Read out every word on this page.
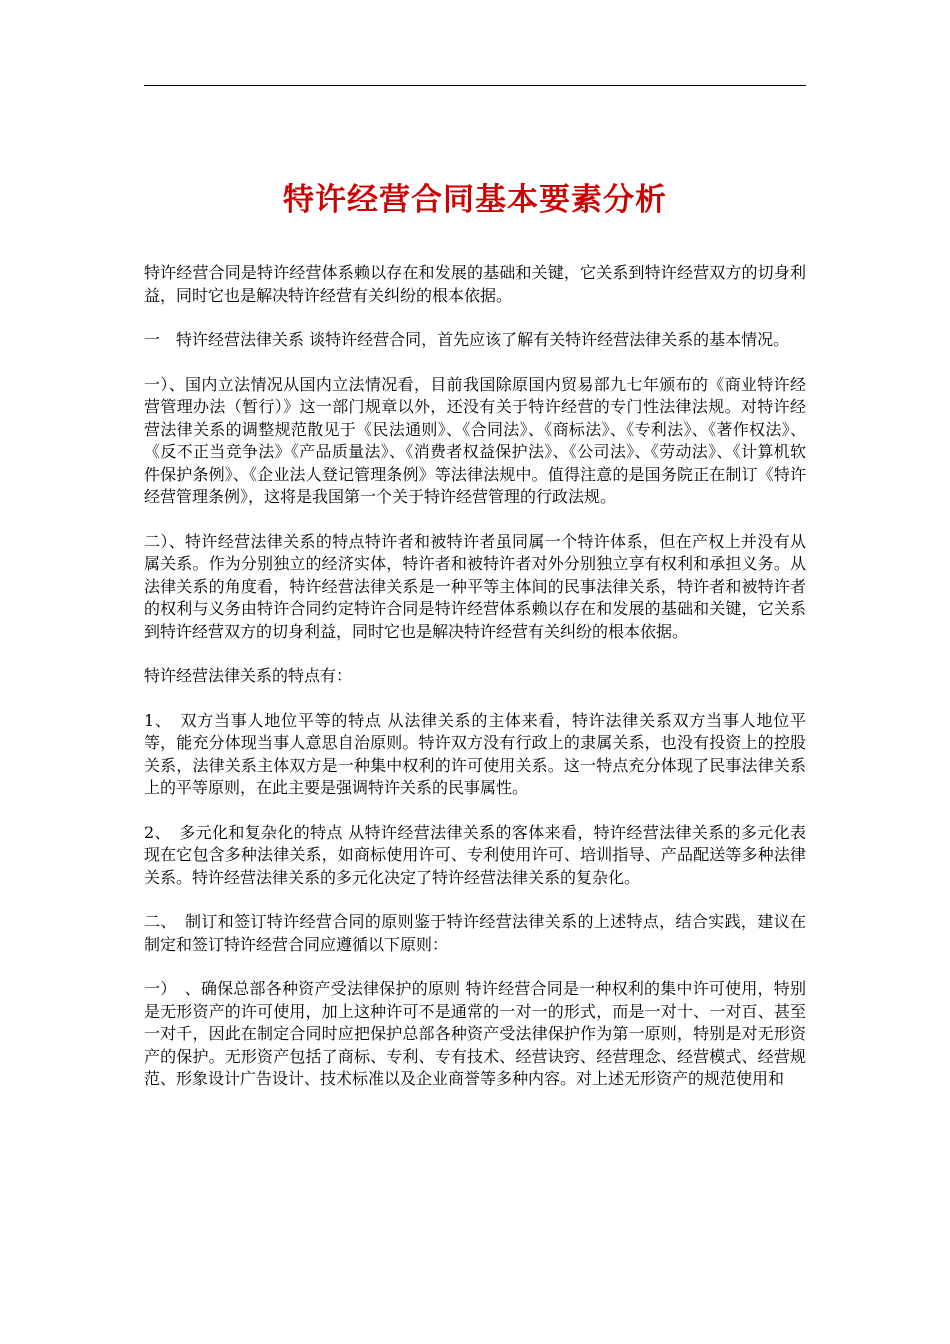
特许经营合同基本要素分析

特许经营合同是特许经营体系赖以存在和发展的基础和关键，它关系到特许经营双方的切身利益，同时它也是解决特许经营有关纠纷的根本依据。

一　特许经营法律关系 谈特许经营合同，首先应该了解有关特许经营法律关系的基本情况。

一）、国内立法情况从国内立法情况看，目前我国除原国内贸易部九七年颁布的《商业特许经营管理办法（暂行）》这一部门规章以外，还没有关于特许经营的专门性法律法规。对特许经营法律关系的调整规范散见于《民法通则》、《合同法》、《商标法》、《专利法》、《著作权法》、《反不正当竞争法》《产品质量法》、《消费者权益保护法》、《公司法》、《劳动法》、《计算机软件保护条例》、《企业法人登记管理条例》等法律法规中。值得注意的是国务院正在制订《特许经营管理条例》，这将是我国第一个关于特许经营管理的行政法规。

二）、特许经营法律关系的特点特许者和被特许者虽同属一个特许体系，但在产权上并没有从属关系。作为分别独立的经济实体，特许者和被特许者对外分别独立享有权利和承担义务。从法律关系的角度看，特许经营法律关系是一种平等主体间的民事法律关系，特许者和被特许者的权利与义务由特许合同约定特许合同是特许经营体系赖以存在和发展的基础和关键，它关系到特许经营双方的切身利益，同时它也是解决特许经营有关纠纷的根本依据。

特许经营法律关系的特点有：

1、　双方当事人地位平等的特点 从法律关系的主体来看，特许法律关系双方当事人地位平等，能充分体现当事人意思自治原则。特许双方没有行政上的隶属关系，也没有投资上的控股关系，法律关系主体双方是一种集中权利的许可使用关系。这一特点充分体现了民事法律关系上的平等原则，在此主要是强调特许关系的民事属性。

2、　多元化和复杂化的特点 从特许经营法律关系的客体来看，特许经营法律关系的多元化表现在它包含多种法律关系，如商标使用许可、专利使用许可、培训指导、产品配送等多种法律关系。特许经营法律关系的多元化决定了特许经营法律关系的复杂化。

二、　制订和签订特许经营合同的原则鉴于特许经营法律关系的上述特点，结合实践，建议在制定和签订特许经营合同应遵循以下原则：

一）　、确保总部各种资产受法律保护的原则 特许经营合同是一种权利的集中许可使用，特别是无形资产的许可使用，加上这种许可不是通常的一对一的形式，而是一对十、一对百、甚至一对千，因此在制定合同时应把保护总部各种资产受法律保护作为第一原则，特别是对无形资产的保护。无形资产包括了商标、专利、专有技术、经营诀窍、经营理念、经营模式、经营规范、形象设计广告设计、技术标准以及企业商誉等多种内容。对上述无形资产的规范使用和
